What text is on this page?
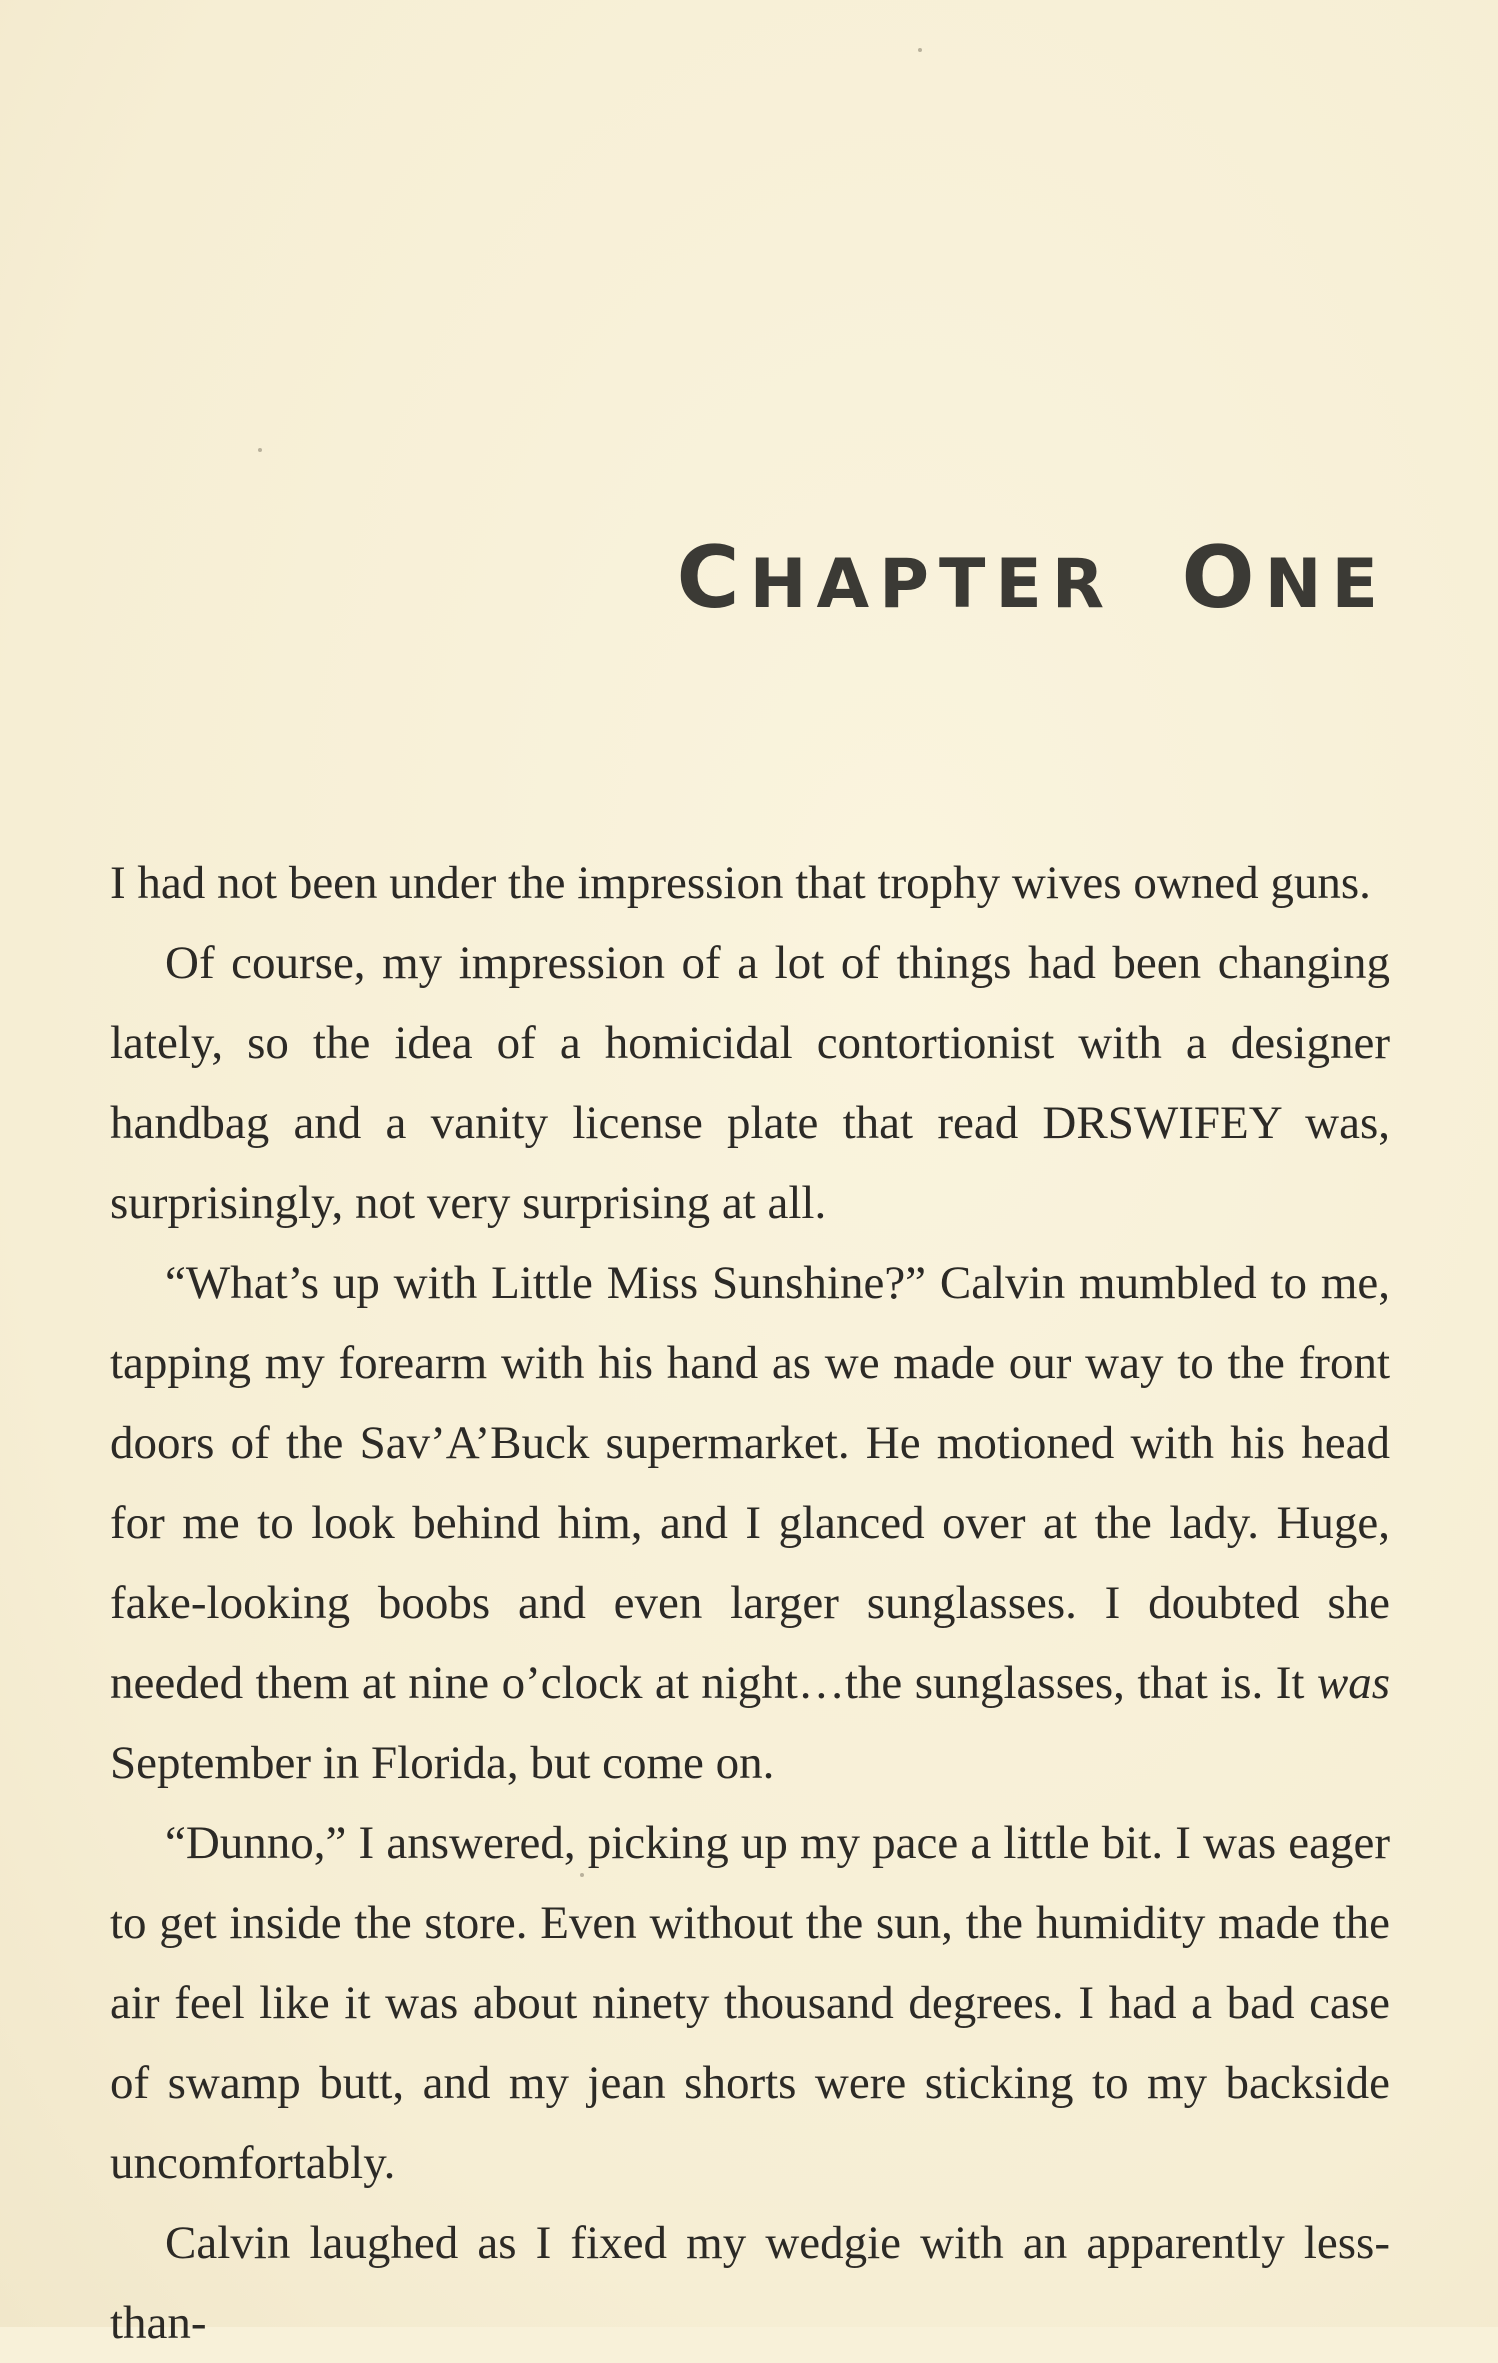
CHAPTER ONE

I had not been under the impression that trophy wives owned guns.

Of course, my impression of a lot of things had been changing lately, so the idea of a homicidal contortionist with a designer handbag and a vanity license plate that read DRSWIFEY was, surprisingly, not very surprising at all.

“What’s up with Little Miss Sunshine?” Calvin mumbled to me, tapping my forearm with his hand as we made our way to the front doors of the Sav’A’Buck supermarket. He motioned with his head for me to look behind him, and I glanced over at the lady. Huge, fake-looking boobs and even larger sunglasses. I doubted she needed them at nine o’clock at night…the sunglasses, that is. It was September in Florida, but come on.

“Dunno,” I answered, picking up my pace a little bit. I was eager to get inside the store. Even without the sun, the humidity made the air feel like it was about ninety thousand degrees. I had a bad case of swamp butt, and my jean shorts were sticking to my backside uncomfortably.

Calvin laughed as I fixed my wedgie with an apparently less-than-
